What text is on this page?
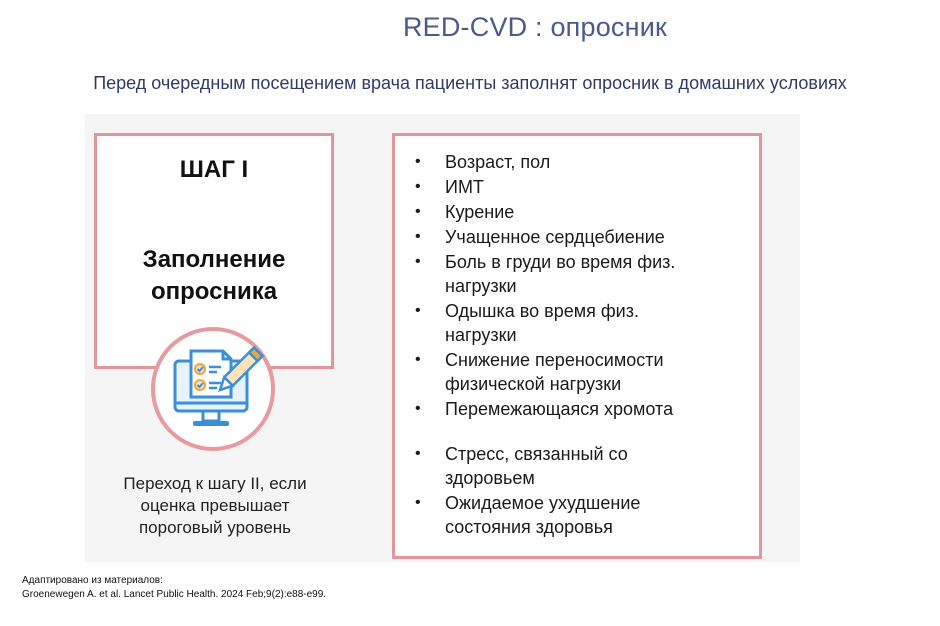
RED-CVD : опросник
Перед очередным посещением врача пациенты заполнят опросник в домашних условиях
ШАГ I
Заполнение
опросника
Переход к шагу II, если
оценка превышает
пороговый уровень
• Возраст, пол
• ИМТ
• Курение
• Учащенное сердцебиение
• Боль в груди во время физ.
нагрузки
• Одышка во время физ.
нагрузки
• Снижение переносимости
физической нагрузки
• Перемежающаяся хромота
• Стресс, связанный со
здоровьем
• Ожидаемое ухудшение
состояния здоровья
Адаптировано из материалов:
Groenewegen A. et al. Lancet Public Health. 2024 Feb;9(2):e88-e99.
